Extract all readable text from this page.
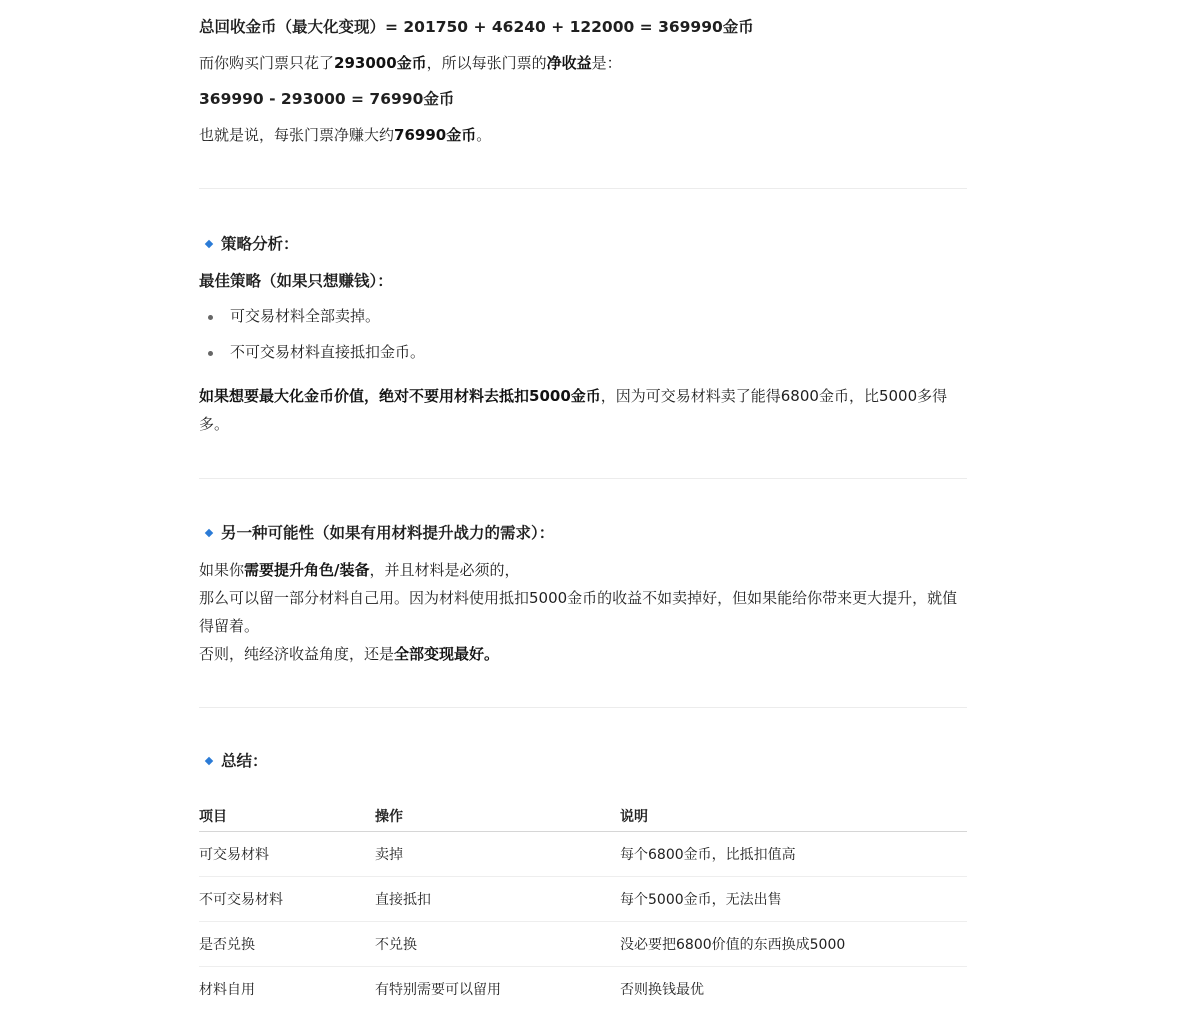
总回收金币（最大化变现）= 201750 + 46240 + 122000 = 369990金币
而你购买门票只花了293000金币，所以每张门票的净收益是：
369990 - 293000 = 76990金币
也就是说，每张门票净赚大约76990金币。
策略分析：
最佳策略（如果只想赚钱）：
可交易材料全部卖掉。
不可交易材料直接抵扣金币。
如果想要最大化金币价值，绝对不要用材料去抵扣5000金币，因为可交易材料卖了能得6800金币，比5000多得多。
另一种可能性（如果有用材料提升战力的需求）：
如果你需要提升角色/装备，并且材料是必须的，
那么可以留一部分材料自己用。因为材料使用抵扣5000金币的收益不如卖掉好，但如果能给你带来更大提升，就值得留着。
否则，纯经济收益角度，还是全部变现最好。
总结：
项目	操作	说明
可交易材料	卖掉	每个6800金币，比抵扣值高
不可交易材料	直接抵扣	每个5000金币，无法出售
是否兑换	不兑换	没必要把6800价值的东西换成5000
材料自用	有特别需要可以留用	否则换钱最优
